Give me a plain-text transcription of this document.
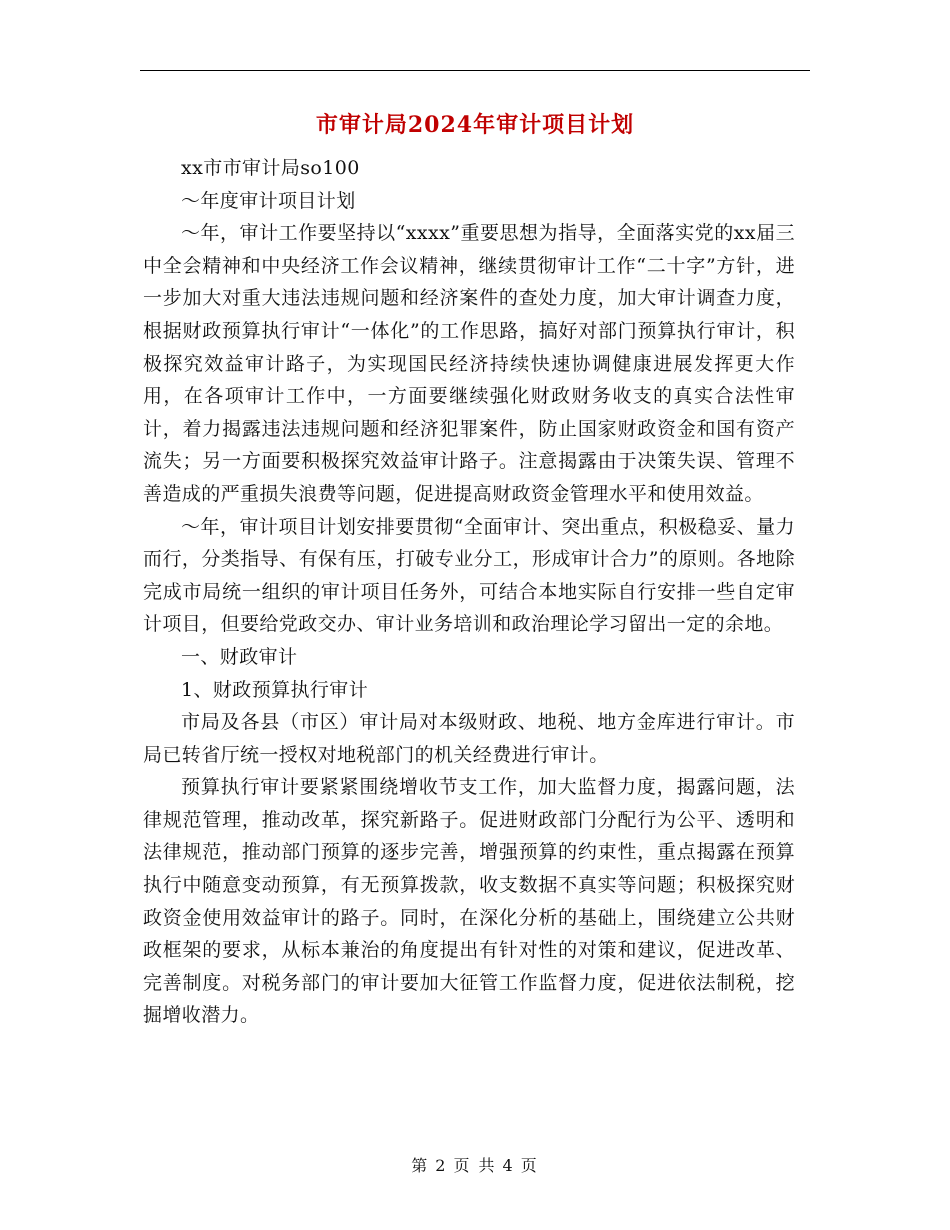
市审计局2024年审计项目计划

xx市市审计局so100

～年度审计项目计划

～年，审计工作要坚持以“xxxx”重要思想为指导，全面落实党的xx届三中全会精神和中央经济工作会议精神，继续贯彻审计工作“二十字”方针，进一步加大对重大违法违规问题和经济案件的查处力度，加大审计调查力度，根据财政预算执行审计“一体化”的工作思路，搞好对部门预算执行审计，积极探究效益审计路子，为实现国民经济持续快速协调健康进展发挥更大作用，在各项审计工作中，一方面要继续强化财政财务收支的真实合法性审计，着力揭露违法违规问题和经济犯罪案件，防止国家财政资金和国有资产流失；另一方面要积极探究效益审计路子。注意揭露由于决策失误、管理不善造成的严重损失浪费等问题，促进提高财政资金管理水平和使用效益。

～年，审计项目计划安排要贯彻“全面审计、突出重点，积极稳妥、量力而行，分类指导、有保有压，打破专业分工，形成审计合力”的原则。各地除完成市局统一组织的审计项目任务外，可结合本地实际自行安排一些自定审计项目，但要给党政交办、审计业务培训和政治理论学习留出一定的余地。

一、财政审计

1、财政预算执行审计

市局及各县（市区）审计局对本级财政、地税、地方金库进行审计。市局已转省厅统一授权对地税部门的机关经费进行审计。

预算执行审计要紧紧围绕增收节支工作，加大监督力度，揭露问题，法律规范管理，推动改革，探究新路子。促进财政部门分配行为公平、透明和法律规范，推动部门预算的逐步完善，增强预算的约束性，重点揭露在预算执行中随意变动预算，有无预算拨款，收支数据不真实等问题；积极探究财政资金使用效益审计的路子。同时，在深化分析的基础上，围绕建立公共财政框架的要求，从标本兼治的角度提出有针对性的对策和建议，促进改革、完善制度。对税务部门的审计要加大征管工作监督力度，促进依法制税，挖掘增收潜力。

第 2 页 共 4 页
